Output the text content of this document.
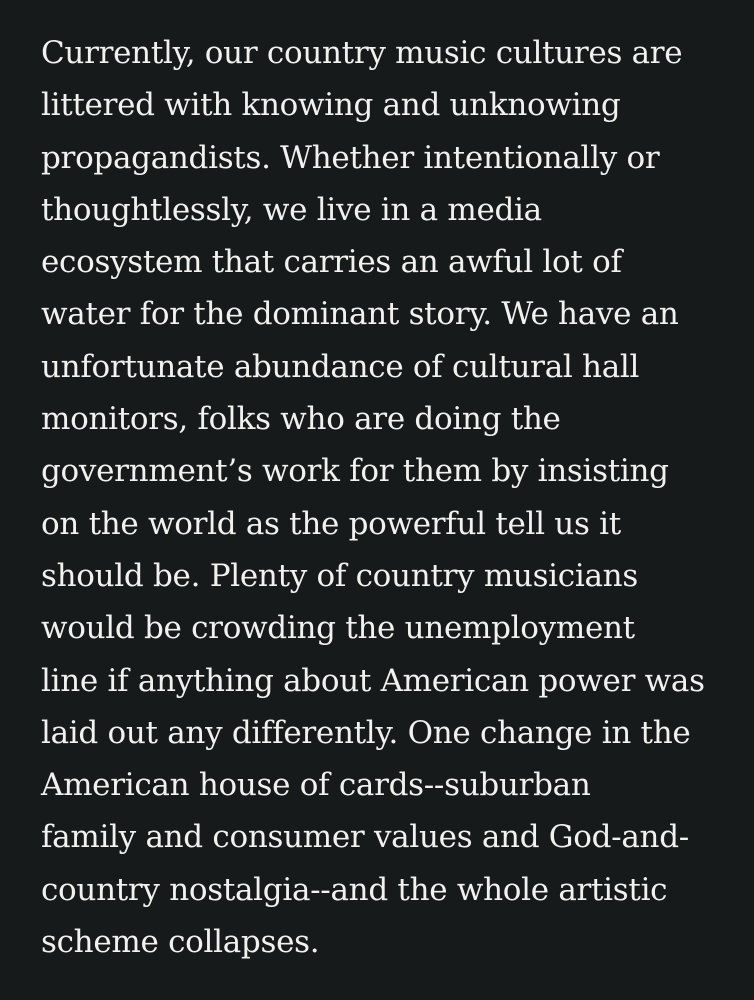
Currently, our country music cultures are
littered with knowing and unknowing
propagandists. Whether intentionally or
thoughtlessly, we live in a media
ecosystem that carries an awful lot of
water for the dominant story. We have an
unfortunate abundance of cultural hall
monitors, folks who are doing the
government’s work for them by insisting
on the world as the powerful tell us it
should be. Plenty of country musicians
would be crowding the unemployment
line if anything about American power was
laid out any differently. One change in the
American house of cards--suburban
family and consumer values and God-and-
country nostalgia--and the whole artistic
scheme collapses.
